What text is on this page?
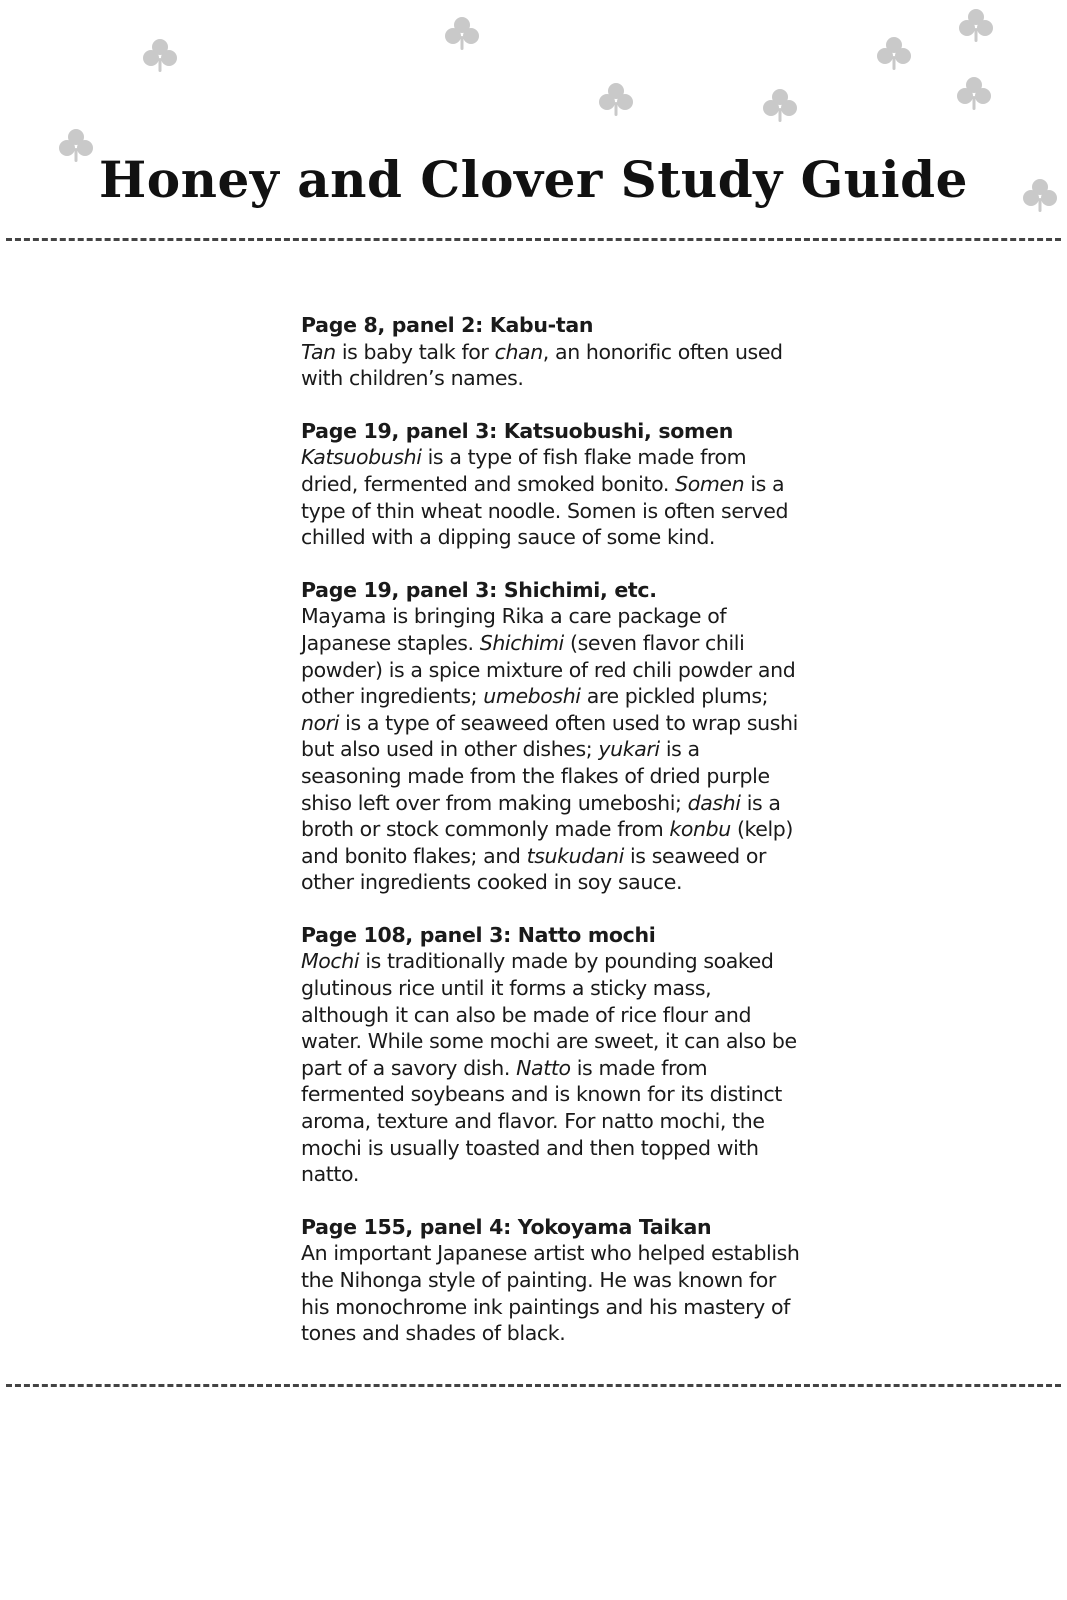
Honey and Clover Study Guide
Page 8, panel 2: Kabu-tan
Tan is baby talk for chan, an honorific often used with children’s names.
Page 19, panel 3: Katsuobushi, somen
Katsuobushi is a type of fish flake made from dried, fermented and smoked bonito. Somen is a type of thin wheat noodle. Somen is often served chilled with a dipping sauce of some kind.
Page 19, panel 3: Shichimi, etc.
Mayama is bringing Rika a care package of Japanese staples. Shichimi (seven flavor chili powder) is a spice mixture of red chili powder and other ingredients; umeboshi are pickled plums; nori is a type of seaweed often used to wrap sushi but also used in other dishes; yukari is a seasoning made from the flakes of dried purple shiso left over from making umeboshi; dashi is a broth or stock commonly made from konbu (kelp) and bonito flakes; and tsukudani is seaweed or other ingredients cooked in soy sauce.
Page 108, panel 3: Natto mochi
Mochi is traditionally made by pounding soaked glutinous rice until it forms a sticky mass, although it can also be made of rice flour and water. While some mochi are sweet, it can also be part of a savory dish. Natto is made from fermented soybeans and is known for its distinct aroma, texture and flavor. For natto mochi, the mochi is usually toasted and then topped with natto.
Page 155, panel 4: Yokoyama Taikan
An important Japanese artist who helped establish the Nihonga style of painting. He was known for his monochrome ink paintings and his mastery of tones and shades of black.
